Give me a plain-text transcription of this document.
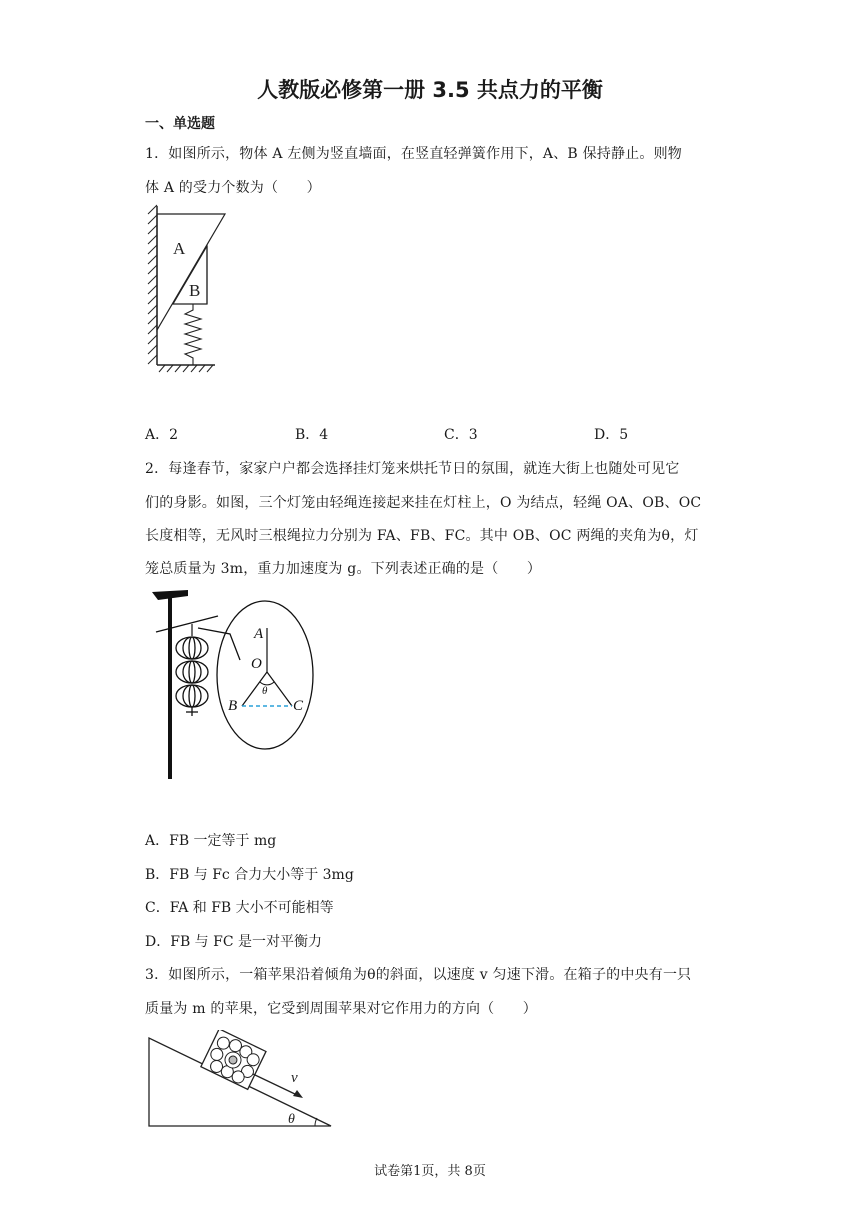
人教版必修第一册 3.5 共点力的平衡
一、单选题
1．如图所示，物体 A 左侧为竖直墙面，在竖直轻弹簧作用下，A、B 保持静止。则物
体 A 的受力个数为（　　）
A
B
A．2	B．4	C．3	D．5
2．每逢春节，家家户户都会选择挂灯笼来烘托节日的氛围，就连大街上也随处可见它
们的身影。如图，三个灯笼由轻绳连接起来挂在灯柱上，O 为结点，轻绳 OA、OB、OC
长度相等，无风时三根绳拉力分别为 FA、FB、FC。其中 OB、OC 两绳的夹角为θ，灯
笼总质量为 3m，重力加速度为 g。下列表述正确的是（　　）
A
O
θ
B	C
A．FB 一定等于 mg
B．FB 与 Fc 合力大小等于 3mg
C．FA 和 FB 大小不可能相等
D．FB 与 FC 是一对平衡力
3．如图所示，一箱苹果沿着倾角为θ的斜面，以速度 v 匀速下滑。在箱子的中央有一只
质量为 m 的苹果，它受到周围苹果对它作用力的方向（　　）
θ
v
试卷第1页，共 8页
